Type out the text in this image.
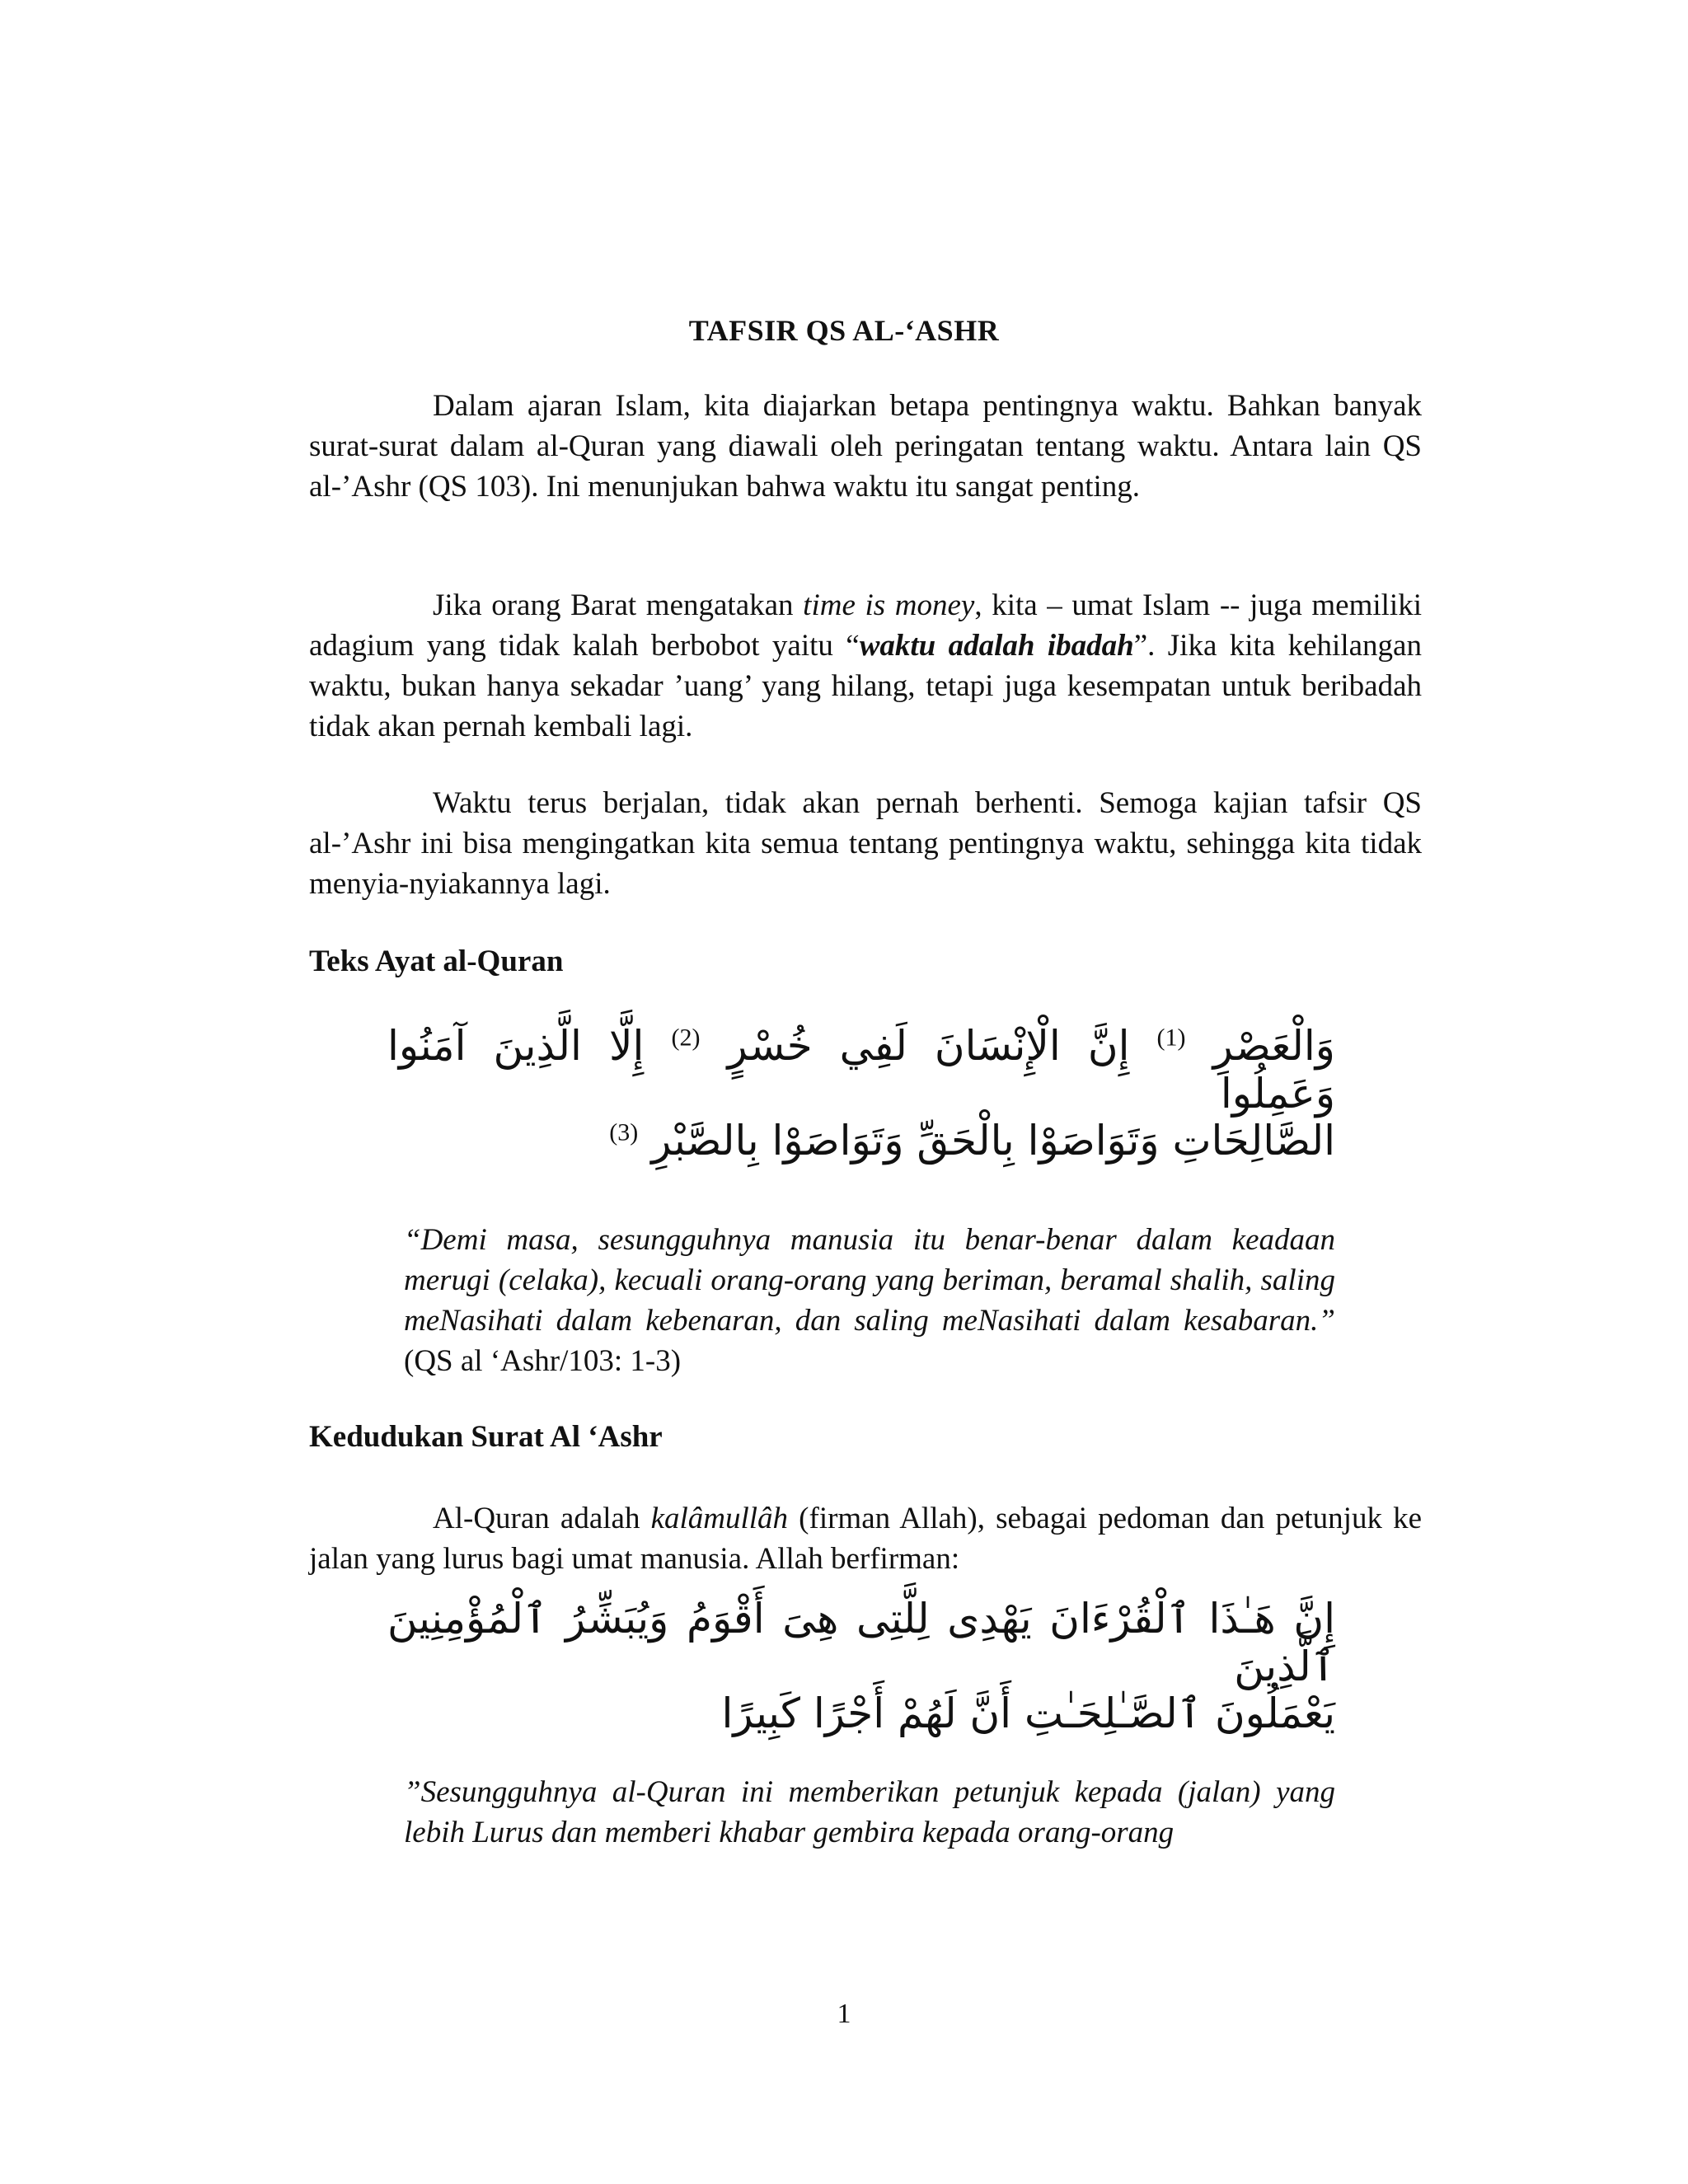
TAFSIR QS AL-‘ASHR

Dalam ajaran Islam, kita diajarkan betapa pentingnya waktu. Bahkan banyak surat-surat dalam al-Quran yang diawali oleh peringatan tentang waktu. Antara lain QS al-’Ashr (QS 103). Ini menunjukan bahwa waktu itu sangat penting.

Jika orang Barat mengatakan time is money, kita – umat Islam -- juga memiliki adagium yang tidak kalah berbobot yaitu “waktu adalah ibadah”. Jika kita kehilangan waktu, bukan hanya sekadar ’uang’ yang hilang, tetapi juga kesempatan untuk beribadah tidak akan pernah kembali lagi.

Waktu terus berjalan, tidak akan pernah berhenti. Semoga kajian tafsir QS al-’Ashr ini bisa mengingatkan kita semua tentang pentingnya waktu, sehingga kita tidak menyia-nyiakannya lagi.

Teks Ayat al-Quran

وَالْعَصْرِ $^{(1)}$ إِنَّ الْإِنْسَانَ لَفِي خُسْرٍ $^{(2)}$ إِلَّا الَّذِينَ آمَنُوا وَعَمِلُوا

الصَّالِحَاتِ وَتَوَاصَوْا بِالْحَقِّ وَتَوَاصَوْا بِالصَّبْرِ $^{(3)}$

“Demi masa, sesungguhnya manusia itu benar-benar dalam keadaan merugi (celaka), kecuali orang-orang yang beriman, beramal shalih, saling meNasihati dalam kebenaran, dan saling meNasihati dalam kesabaran.” (QS al ‘Ashr/103: 1-3)

Kedudukan Surat Al ‘Ashr

Al-Quran adalah kalâmullâh (firman Allah), sebagai pedoman dan petunjuk ke jalan yang lurus bagi umat manusia. Allah berfirman:

إِنَّ هَـٰذَا ٱلْقُرْءَانَ يَهْدِى لِلَّتِى هِىَ أَقْوَمُ وَيُبَشِّرُ ٱلْمُؤْمِنِينَ ٱلَّذِينَ

يَعْمَلُونَ ٱلصَّـٰلِحَـٰتِ أَنَّ لَهُمْ أَجْرًا كَبِيرًا

”Sesungguhnya al-Quran ini memberikan petunjuk kepada (jalan) yang lebih Lurus dan memberi khabar gembira kepada orang-orang

1
